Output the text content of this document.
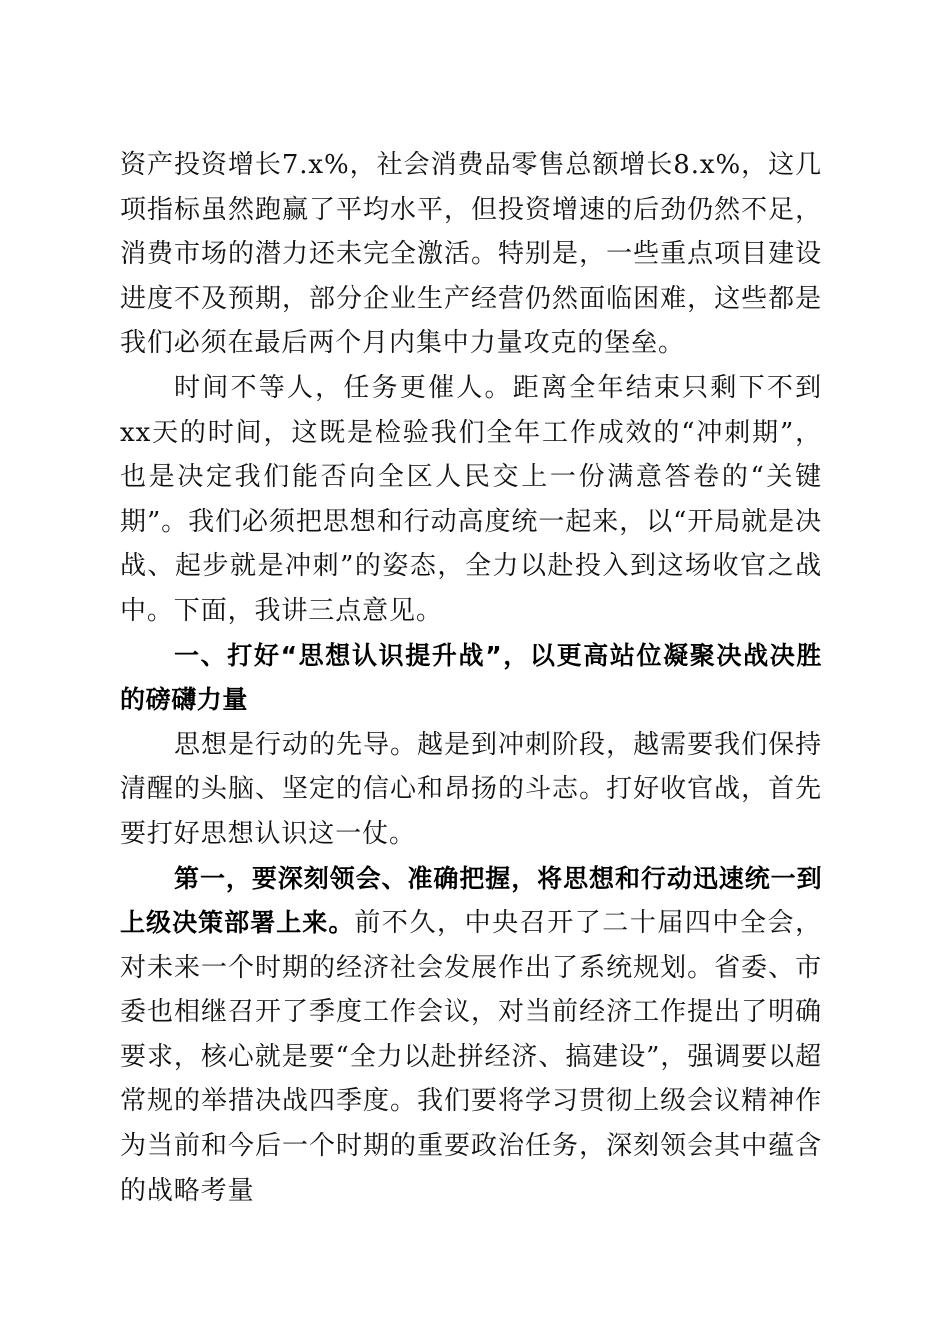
资产投资增长7.x%，社会消费品零售总额增长8.x%，这几项指标虽然跑赢了平均水平，但投资增速的后劲仍然不足，消费市场的潜力还未完全激活。特别是，一些重点项目建设进度不及预期，部分企业生产经营仍然面临困难，这些都是我们必须在最后两个月内集中力量攻克的堡垒。

时间不等人，任务更催人。距离全年结束只剩下不到xx天的时间，这既是检验我们全年工作成效的“冲刺期”，也是决定我们能否向全区人民交上一份满意答卷的“关键期”。我们必须把思想和行动高度统一起来，以“开局就是决战、起步就是冲刺”的姿态，全力以赴投入到这场收官之战中。下面，我讲三点意见。

一、打好“思想认识提升战”，以更高站位凝聚决战决胜的磅礴力量

思想是行动的先导。越是到冲刺阶段，越需要我们保持清醒的头脑、坚定的信心和昂扬的斗志。打好收官战，首先要打好思想认识这一仗。

第一，要深刻领会、准确把握，将思想和行动迅速统一到上级决策部署上来。前不久，中央召开了二十届四中全会，对未来一个时期的经济社会发展作出了系统规划。省委、市委也相继召开了季度工作会议，对当前经济工作提出了明确要求，核心就是要“全力以赴拼经济、搞建设”，强调要以超常规的举措决战四季度。我们要将学习贯彻上级会议精神作为当前和今后一个时期的重要政治任务，深刻领会其中蕴含的战略考量
